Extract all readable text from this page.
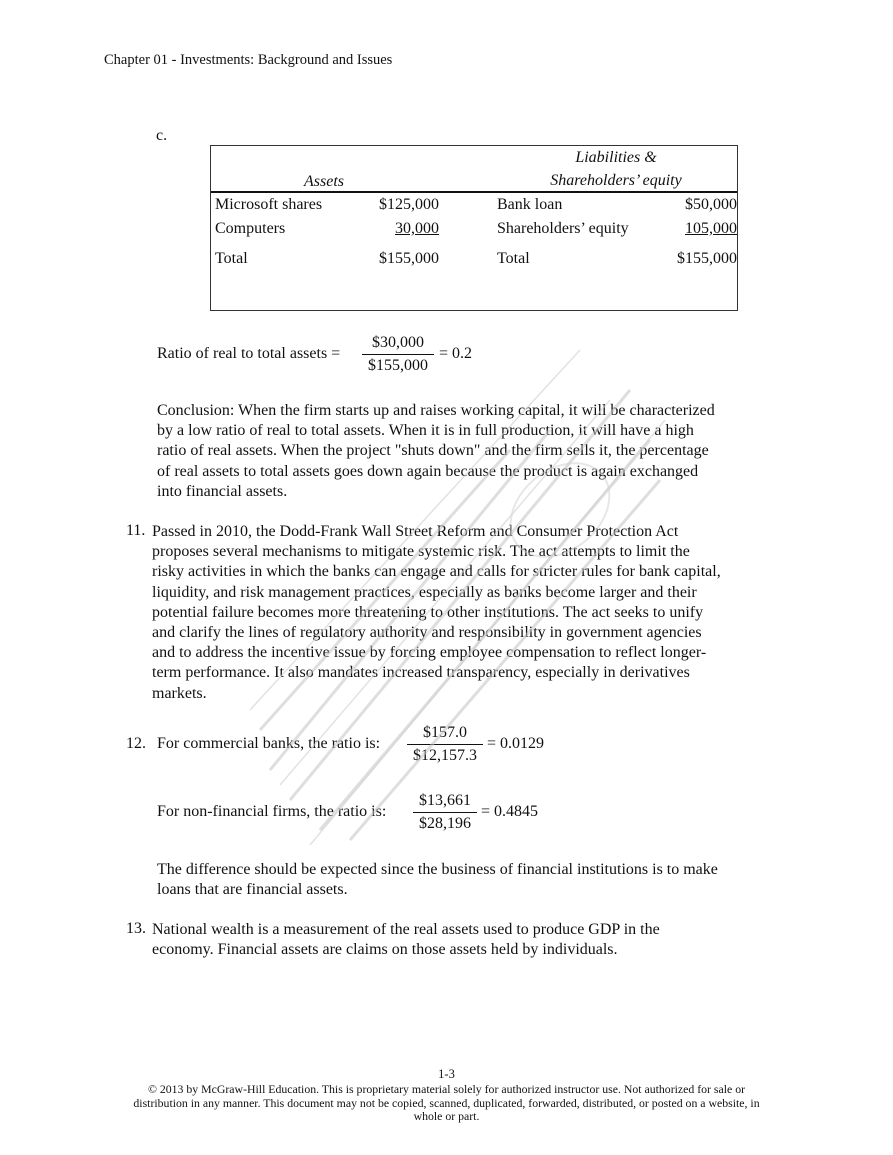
Chapter 01 - Investments: Background and Issues
c.
Assets
Liabilities &
Shareholders’ equity
Microsoft shares	$125,000	Bank loan	$50,000
Computers	30,000	Shareholders’ equity	105,000
Total	$155,000	Total	$155,000
Ratio of real to total assets = $\frac{\$30,000}{\$155,000} = 0.2$
Conclusion: When the firm starts up and raises working capital, it will be characterized
by a low ratio of real to total assets. When it is in full production, it will have a high
ratio of real assets. When the project "shuts down" and the firm sells it, the percentage
of real assets to total assets goes down again because the product is again exchanged
into financial assets.
11. Passed in 2010, the Dodd-Frank Wall Street Reform and Consumer Protection Act
proposes several mechanisms to mitigate systemic risk. The act attempts to limit the
risky activities in which the banks can engage and calls for stricter rules for bank capital,
liquidity, and risk management practices, especially as banks become larger and their
potential failure becomes more threatening to other institutions. The act seeks to unify
and clarify the lines of regulatory authority and responsibility in government agencies
and to address the incentive issue by forcing employee compensation to reflect longer-
term performance. It also mandates increased transparency, especially in derivatives
markets.
12. For commercial banks, the ratio is: $\frac{\$157.0}{\$12,157.3} = 0.0129$
For non-financial firms, the ratio is: $\frac{\$13,661}{\$28,196} = 0.4845$
The difference should be expected since the business of financial institutions is to make
loans that are financial assets.
13. National wealth is a measurement of the real assets used to produce GDP in the
economy. Financial assets are claims on those assets held by individuals.
1-3
© 2013 by McGraw-Hill Education. This is proprietary material solely for authorized instructor use. Not authorized for sale or
distribution in any manner. This document may not be copied, scanned, duplicated, forwarded, distributed, or posted on a website, in
whole or part.
